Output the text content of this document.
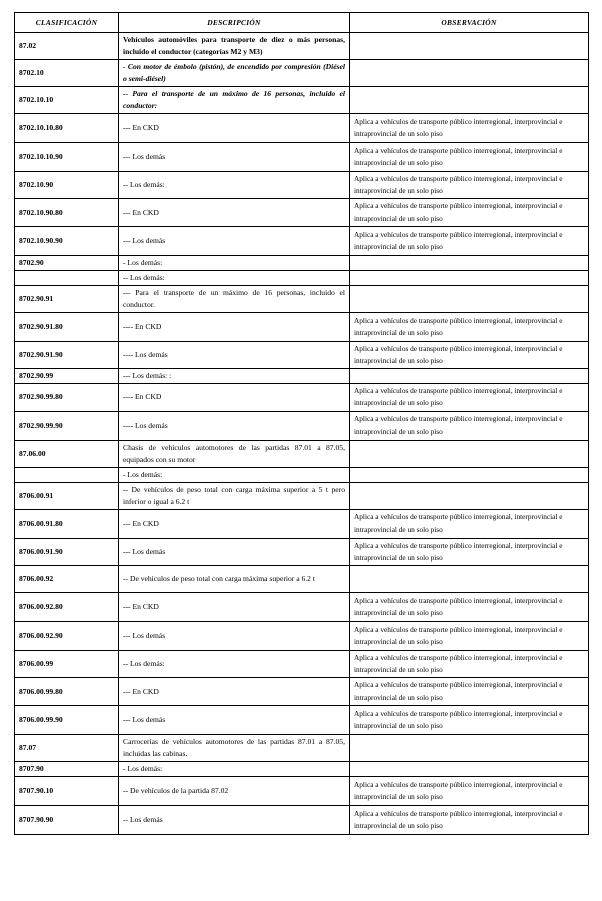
CLASIFICACIÓN	DESCRIPCIÓN	OBSERVACIÓN
87.02	Vehículos automóviles para transporte de diez o más personas, incluido el conductor (categorías M2 y M3)	
8702.10	- Con motor de émbolo (pistón), de encendido por compresión (Diésel o semi-diésel)	
8702.10.10	-- Para el transporte de un máximo de 16 personas, incluido el conductor:	
8702.10.10.80	--- En CKD	Aplica a vehículos de transporte público interregional, interprovincial e intraprovincial de un solo piso
8702.10.10.90	--- Los demás	Aplica a vehículos de transporte público interregional, interprovincial e intraprovincial de un solo piso
8702.10.90	-- Los demás:	Aplica a vehículos de transporte público interregional, interprovincial e intraprovincial de un solo piso
8702.10.90.80	--- En CKD	Aplica a vehículos de transporte público interregional, interprovincial e intraprovincial de un solo piso
8702.10.90.90	--- Los demás	Aplica a vehículos de transporte público interregional, interprovincial e intraprovincial de un solo piso
8702.90	- Los demás:	
	-- Los demás:	
8702.90.91	--- Para el transporte de un máximo de 16 personas, incluido el conductor.	
8702.90.91.80	---- En CKD	Aplica a vehículos de transporte público interregional, interprovincial e intraprovincial de un solo piso
8702.90.91.90	---- Los demás	Aplica a vehículos de transporte público interregional, interprovincial e intraprovincial de un solo piso
8702.90.99	--- Los demás: :	
8702.90.99.80	---- En CKD	Aplica a vehículos de transporte público interregional, interprovincial e intraprovincial de un solo piso
8702.90.99.90	---- Los demás	Aplica a vehículos de transporte público interregional, interprovincial e intraprovincial de un solo piso
87.06.00	Chasis de vehículos automotores de las partidas 87.01 a 87.05, equipados con su motor	
	- Los demás:	
8706.00.91	-- De vehículos de peso total con carga máxima superior a 5 t pero inferior o igual a 6.2 t	
8706.00.91.80	--- En CKD	Aplica a vehículos de transporte público interregional, interprovincial e intraprovincial de un solo piso
8706.00.91.90	--- Los demás	Aplica a vehículos de transporte público interregional, interprovincial e intraprovincial de un solo piso
8706.00.92	-- De vehículos de peso total con carga máxima superior a 6.2 t	
8706.00.92.80	--- En CKD	Aplica a vehículos de transporte público interregional, interprovincial e intraprovincial de un solo piso
8706.00.92.90	--- Los demás	Aplica a vehículos de transporte público interregional, interprovincial e intraprovincial de un solo piso
8706.00.99	-- Los demás:	Aplica a vehículos de transporte público interregional, interprovincial e intraprovincial de un solo piso
8706.00.99.80	--- En CKD	Aplica a vehículos de transporte público interregional, interprovincial e intraprovincial de un solo piso
8706.00.99.90	--- Los demás	Aplica a vehículos de transporte público interregional, interprovincial e intraprovincial de un solo piso
87.07	Carrocerías de vehículos automotores de las partidas 87.01 a 87.05, incluidas las cabinas.	
8707.90	- Los demás:	
8707.90.10	-- De vehículos de la partida 87.02	Aplica a vehículos de transporte público interregional, interprovincial e intraprovincial de un solo piso
8707.90.90	-- Los demás	Aplica a vehículos de transporte público interregional, interprovincial e intraprovincial de un solo piso
